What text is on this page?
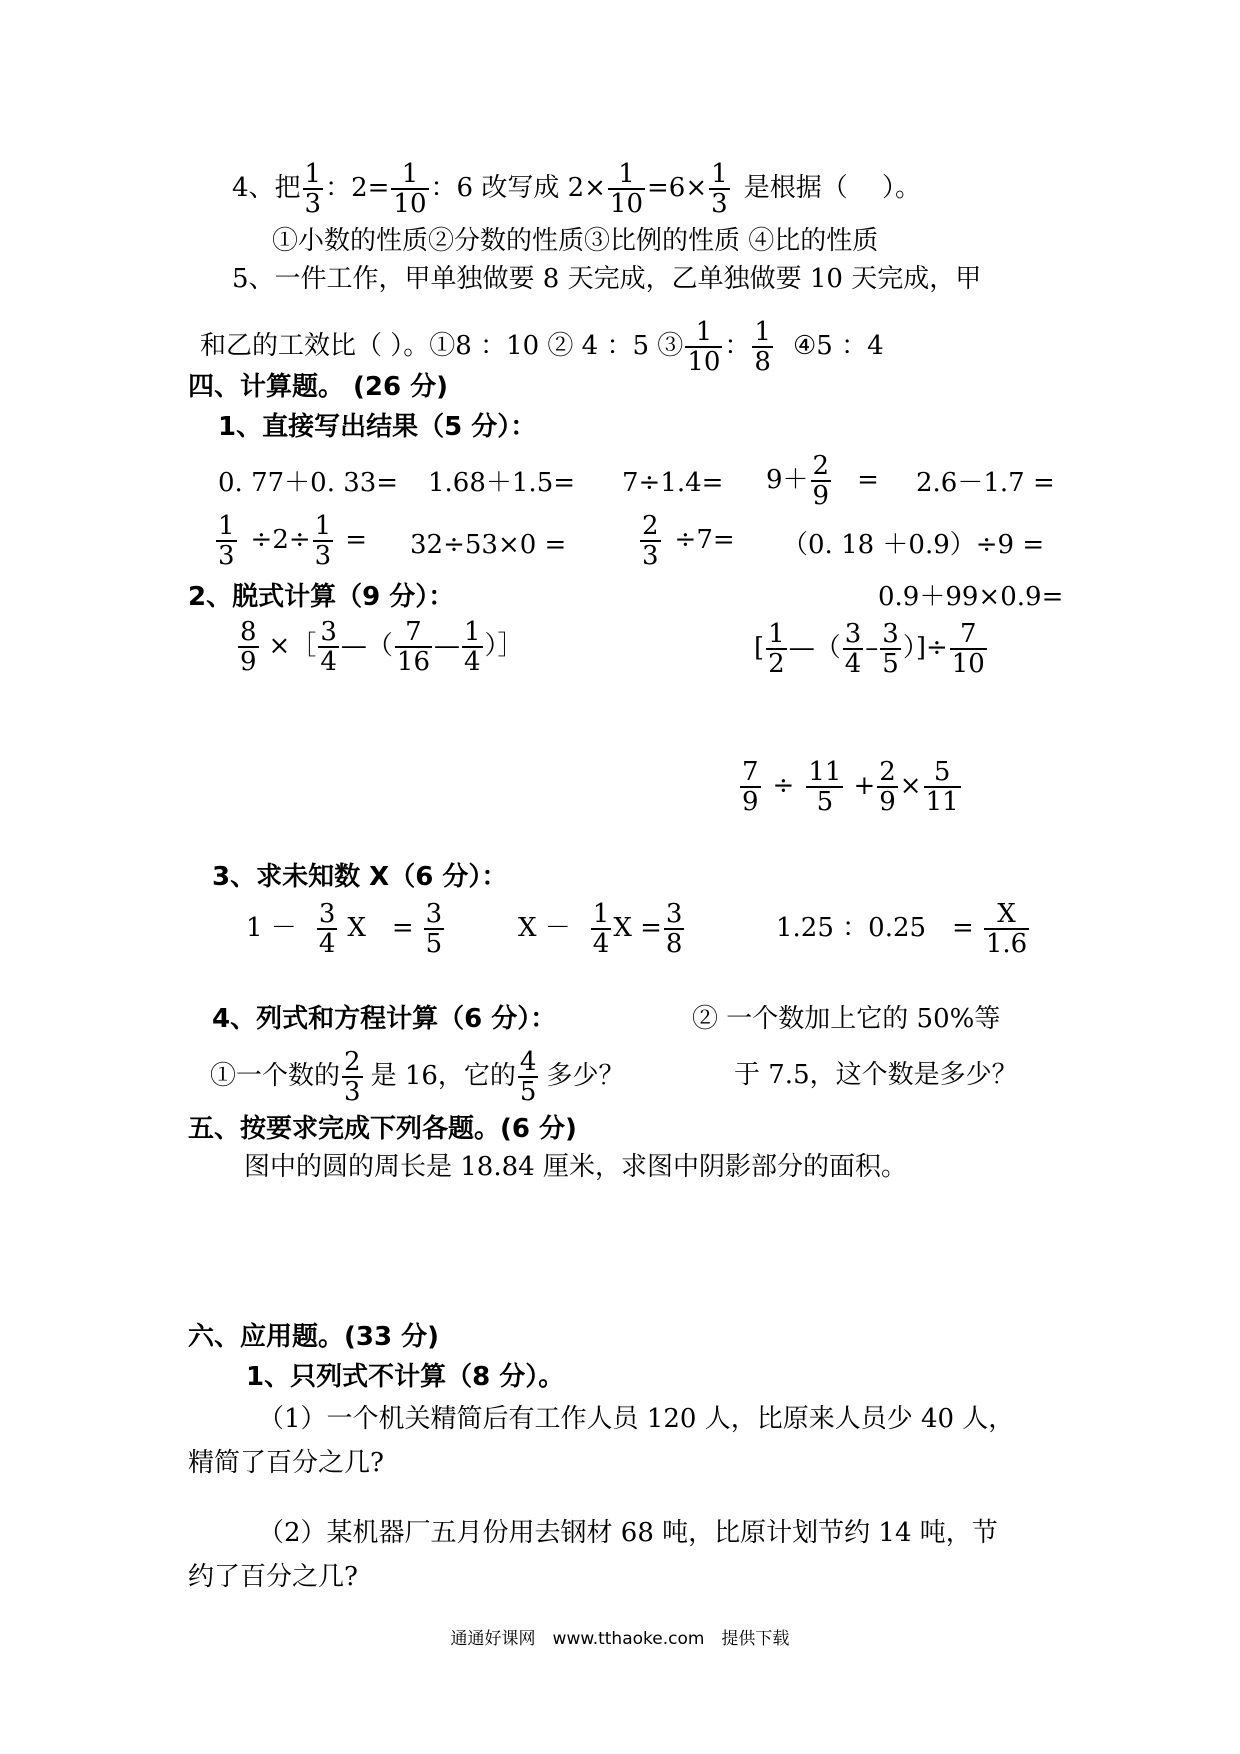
4、把 $\frac{1}{3}$ ：$2= \frac{1}{10}$ ：6 改写成 $2\times \frac{1}{10} =6\times \frac{1}{3}$ 是根据（　 ）。
①小数的性质②分数的性质③比例的性质 ④比的性质
5、一件工作，甲单独做要 8 天完成，乙单独做要 10 天完成，甲
和乙的工效比（ ）。①8 ：10 ② 4 ：5 ③ $\frac{1}{10}$ ： $\frac{1}{8}$ ④5 ：4
四、计算题。 (26 分)
1、直接写出结果（5 分）：
0. 77＋0. $33= 1.68+1.5= 7\div 1.4= 9+ \frac{2}{9} = 2.6-1.7$ =
$\frac{1}{3} \div 2\div \frac{1}{3} = 32\div 53\times 0$ =	$\frac{2}{3} \div 7= (0$. 18 ＋0.9）÷9 =
2、脱式计算（9 分）：	0.9＋99×0.9=
$\frac{8}{9}$ ×［ $\frac{3}{4}$ —（ $\frac{7}{16}$ — $\frac{1}{4}$ ）］	[ $\frac{1}{2}$ —（ $\frac{3}{4} - \frac{3}{5}$ ）]÷ $\frac{7}{10}$
$\frac{7}{9} \div \frac{11}{5} + \frac{2}{9} \times \frac{5}{11}$
3、求未知数 X（6 分）：
$1 - \frac{3}{4}$ X　= $\frac{3}{5}$	$X - \frac{1}{4}$ $X = \frac{3}{8}$	1.25 ：0.25　= $\frac{X}{1.6}$
4、列式和方程计算（6 分）：	② 一个数加上它的 50%等
①一个数的 $\frac{2}{3}$ 是 16，它的 $\frac{4}{5}$ 多少？	于 7.5，这个数是多少？
五、按要求完成下列各题。(6 分)
图中的圆的周长是 18.84 厘米，求图中阴影部分的面积。
六、应用题。(33 分)
1、只列式不计算（8 分）。
（1）一个机关精简后有工作人员 120 人，比原来人员少 40 人，
精简了百分之几?
（2）某机器厂五月份用去钢材 68 吨，比原计划节约 14 吨，节
约了百分之几?
通通好课网　www.tthaoke.com　提供下载
